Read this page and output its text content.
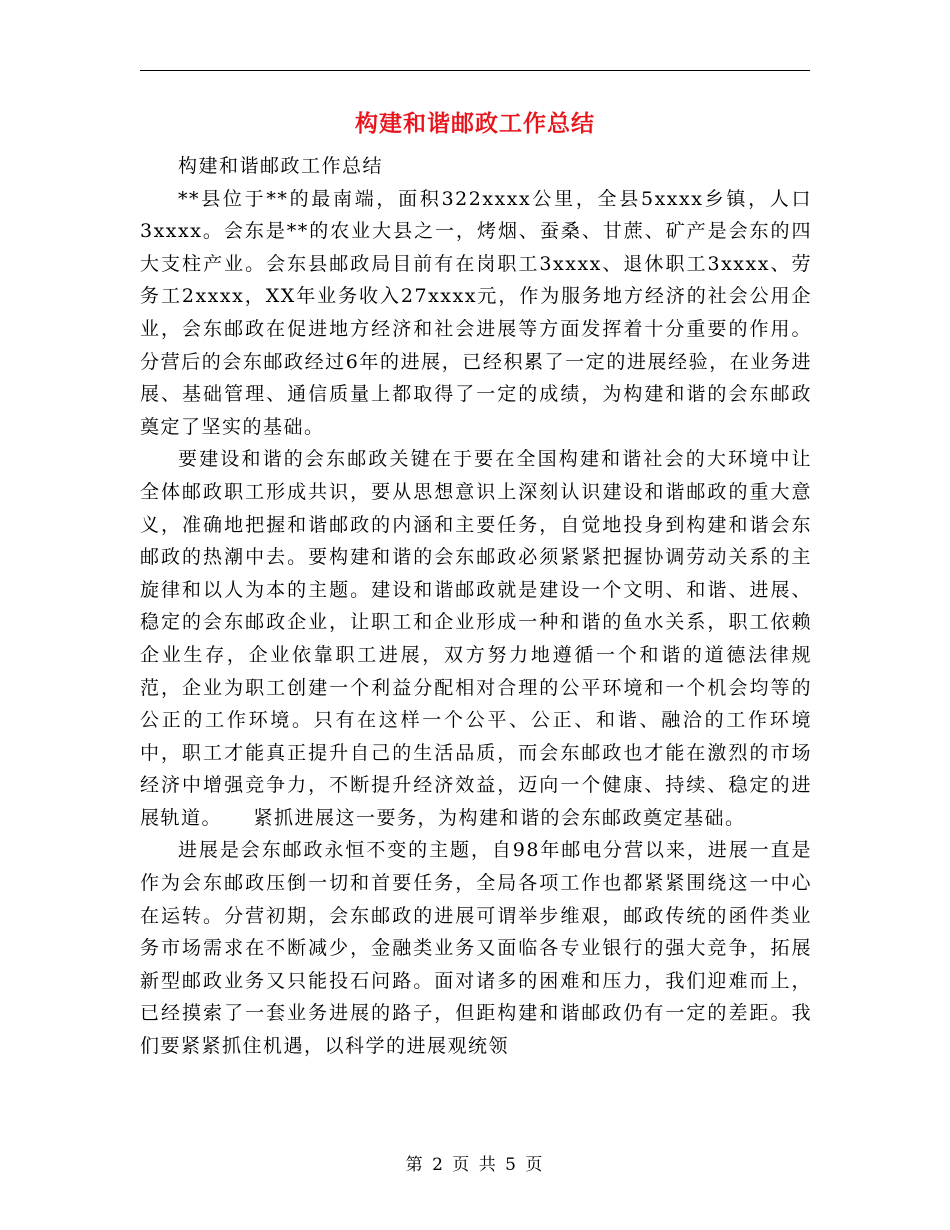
构建和谐邮政工作总结

构建和谐邮政工作总结

**县位于**的最南端，面积322xxxx公里，全县5xxxx乡镇，人口3xxxx。会东是**的农业大县之一，烤烟、蚕桑、甘蔗、矿产是会东的四大支柱产业。会东县邮政局目前有在岗职工3xxxx、退休职工3xxxx、劳务工2xxxx，XX年业务收入27xxxx元，作为服务地方经济的社会公用企业，会东邮政在促进地方经济和社会进展等方面发挥着十分重要的作用。分营后的会东邮政经过6年的进展，已经积累了一定的进展经验，在业务进展、基础管理、通信质量上都取得了一定的成绩，为构建和谐的会东邮政奠定了坚实的基础。

要建设和谐的会东邮政关键在于要在全国构建和谐社会的大环境中让全体邮政职工形成共识，要从思想意识上深刻认识建设和谐邮政的重大意义，准确地把握和谐邮政的内涵和主要任务，自觉地投身到构建和谐会东邮政的热潮中去。要构建和谐的会东邮政必须紧紧把握协调劳动关系的主旋律和以人为本的主题。建设和谐邮政就是建设一个文明、和谐、进展、稳定的会东邮政企业，让职工和企业形成一种和谐的鱼水关系，职工依赖企业生存，企业依靠职工进展，双方努力地遵循一个和谐的道德法律规范，企业为职工创建一个利益分配相对合理的公平环境和一个机会均等的公正的工作环境。只有在这样一个公平、公正、和谐、融洽的工作环境中，职工才能真正提升自己的生活品质，而会东邮政也才能在激烈的市场经济中增强竞争力，不断提升经济效益，迈向一个健康、持续、稳定的进展轨道。　　紧抓进展这一要务，为构建和谐的会东邮政奠定基础。

进展是会东邮政永恒不变的主题，自98年邮电分营以来，进展一直是作为会东邮政压倒一切和首要任务，全局各项工作也都紧紧围绕这一中心在运转。分营初期，会东邮政的进展可谓举步维艰，邮政传统的函件类业务市场需求在不断减少，金融类业务又面临各专业银行的强大竞争，拓展新型邮政业务又只能投石问路。面对诸多的困难和压力，我们迎难而上，已经摸索了一套业务进展的路子，但距构建和谐邮政仍有一定的差距。我们要紧紧抓住机遇，以科学的进展观统领

第 2 页 共 5 页
